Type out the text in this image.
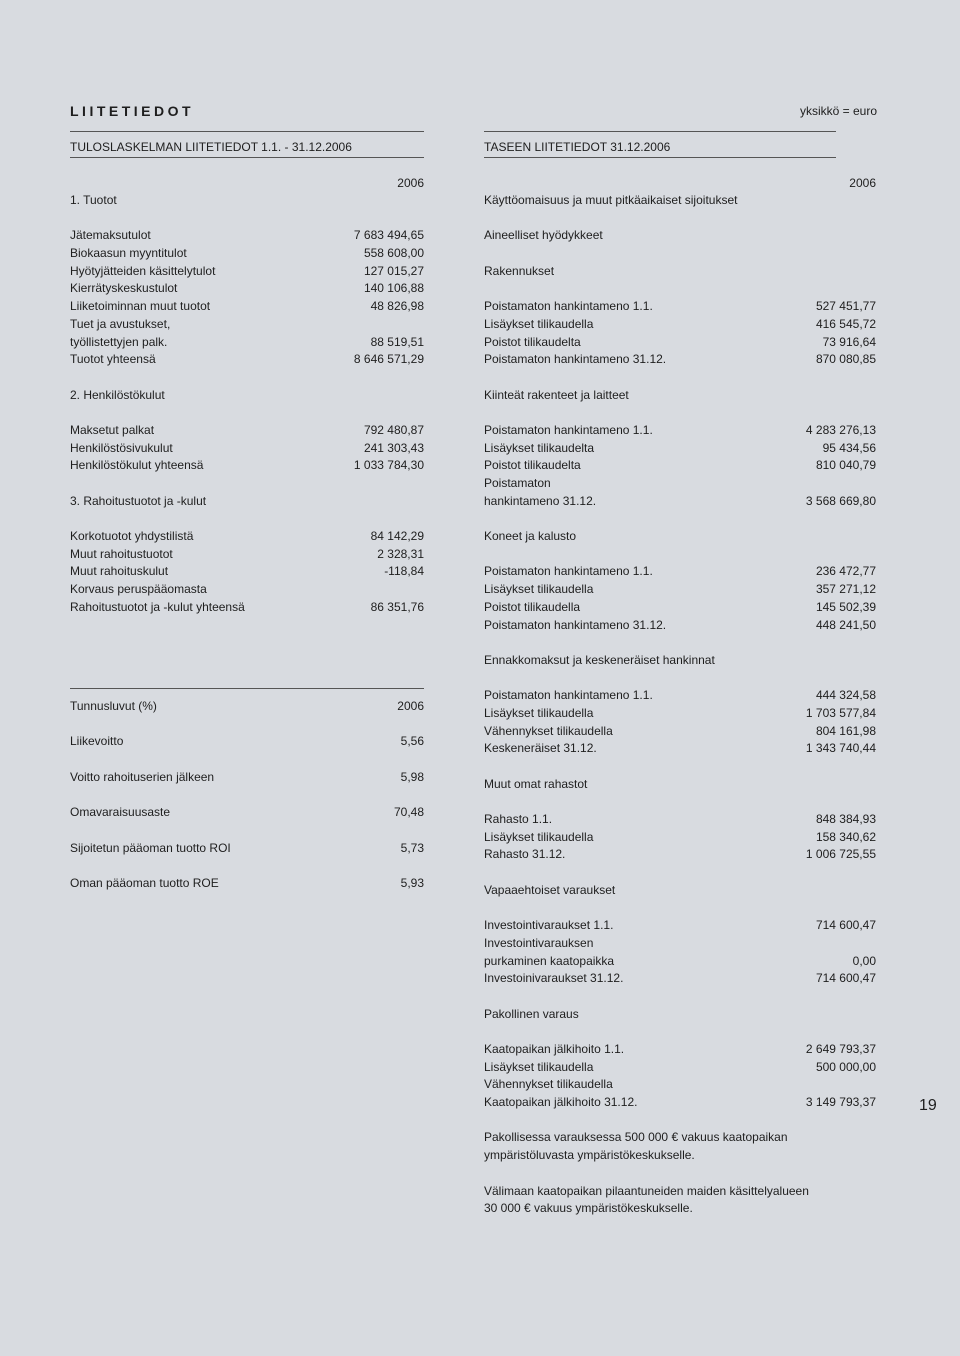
LIITETIEDOT	yksikkö = euro
TULOSLASKELMAN LIITETIEDOT 1.1. - 31.12.2006	TASEEN LIITETIEDOT 31.12.2006
2006	2006
1. Tuotot
Jätemaksutulot	7 683 494,65
Biokaasun myyntitulot	558 608,00
Hyötyjätteiden käsittelytulot	127 015,27
Kierrätyskeskustulot	140 106,88
Liiketoiminnan muut tuotot	48 826,98
Tuet ja avustukset,
työllistettyjen palk.	88 519,51
Tuotot yhteensä	8 646 571,29
2. Henkilöstökulut
Maksetut palkat	792 480,87
Henkilöstösivukulut	241 303,43
Henkilöstökulut yhteensä	1 033 784,30
3. Rahoitustuotot ja -kulut
Korkotuotot yhdystilistä	84 142,29
Muut rahoitustuotot	2 328,31
Muut rahoituskulut	-118,84
Korvaus peruspääomasta
Rahoitustuotot ja -kulut yhteensä	86 351,76
Tunnusluvut (%)	2006
Liikevoitto	5,56
Voitto rahoituserien jälkeen	5,98
Omavaraisuusaste	70,48
Sijoitetun pääoman tuotto ROI	5,73
Oman pääoman tuotto ROE	5,93
Käyttöomaisuus ja muut pitkäaikaiset sijoitukset
Aineelliset hyödykkeet
Rakennukset
Poistamaton hankintameno 1.1.	527 451,77
Lisäykset tilikaudella	416 545,72
Poistot tilikaudelta	73 916,64
Poistamaton hankintameno 31.12.	870 080,85
Kiinteät rakenteet ja laitteet
Poistamaton hankintameno 1.1.	4 283 276,13
Lisäykset tilikaudelta	95 434,56
Poistot tilikaudelta	810 040,79
Poistamaton
hankintameno 31.12.	3 568 669,80
Koneet ja kalusto
Poistamaton hankintameno 1.1.	236 472,77
Lisäykset tilikaudella	357 271,12
Poistot tilikaudella	145 502,39
Poistamaton hankintameno 31.12.	448 241,50
Ennakkomaksut ja keskeneräiset hankinnat
Poistamaton hankintameno 1.1.	444 324,58
Lisäykset tilikaudella	1 703 577,84
Vähennykset tilikaudella	804 161,98
Keskeneräiset 31.12.	1 343 740,44
Muut omat rahastot
Rahasto 1.1.	848 384,93
Lisäykset tilikaudella	158 340,62
Rahasto 31.12.	1 006 725,55
Vapaaehtoiset varaukset
Investointivaraukset 1.1.	714 600,47
Investointivarauksen
purkaminen kaatopaikka	0,00
Investoinivaraukset 31.12.	714 600,47
Pakollinen varaus
Kaatopaikan jälkihoito 1.1.	2 649 793,37
Lisäykset tilikaudella	500 000,00
Vähennykset tilikaudella
Kaatopaikan jälkihoito 31.12.	3 149 793,37
Pakollisessa varauksessa 500 000 € vakuus kaatopaikan
ympäristöluvasta ympäristökeskukselle.
Välimaan kaatopaikan pilaantuneiden maiden käsittelyalueen
30 000 € vakuus ympäristökeskukselle.
19
